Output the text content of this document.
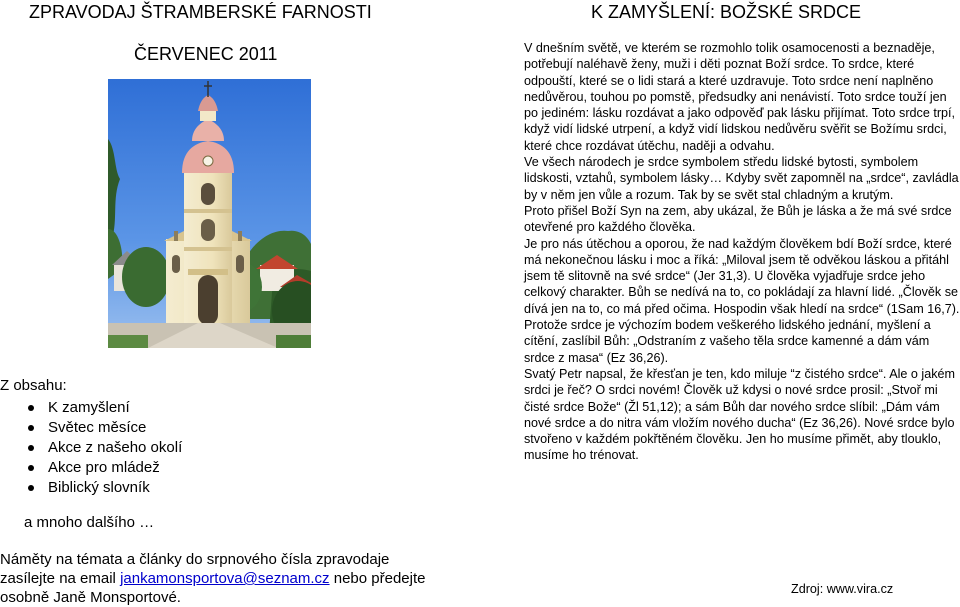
ZPRAVODAJ ŠTRAMBERSKÉ FARNOSTI	K ZAMYŠLENÍ: BOŽSKÉ SRDCE
ČERVENEC 2011
Z obsahu:
K zamyšlení
Světec měsíce
Akce z našeho okolí
Akce pro mládež
Biblický slovník
a mnoho dalšího …
Náměty na témata a články do srpnového čísla zpravodaje zasílejte na email jankamonsportova@seznam.cz nebo předejte osobně Janě Monsportové.

V dnešním světě, ve kterém se rozmohlo tolik osamocenosti a beznaděje, potřebují naléhavě ženy, muži i děti poznat Boží srdce. To srdce, které odpouští, které se o lidi stará a které uzdravuje. Toto srdce není naplněno nedůvěrou, touhou po pomstě, předsudky ani nenávistí. Toto srdce touží jen po jediném: lásku rozdávat a jako odpověď pak lásku přijímat. Toto srdce trpí, když vidí lidské utrpení, a když vidí lidskou nedůvěru svěřit se Božímu srdci, které chce rozdávat útěchu, naději a odvahu.

Ve všech národech je srdce symbolem středu lidské bytosti, symbolem lidskosti, vztahů, symbolem lásky… Kdyby svět zapomněl na „srdce“, zavládla by v něm jen vůle a rozum. Tak by se svět stal chladným a krutým.

Proto přišel Boží Syn na zem, aby ukázal, že Bůh je láska a že má své srdce otevřené pro každého člověka.

Je pro nás útěchou a oporou, že nad každým člověkem bdí Boží srdce, které má nekonečnou lásku i moc a říká: „Miloval jsem tě odvěkou láskou a přitáhl jsem tě slitovně na své srdce“ (Jer 31,3). U člověka vyjadřuje srdce jeho celkový charakter. Bůh se nedívá na to, co pokládají za hlavní lidé. „Člověk se dívá jen na to, co má před očima. Hospodin však hledí na srdce“ (1Sam 16,7). Protože srdce je výchozím bodem veškerého lidského jednání, myšlení a cítění, zaslíbil Bůh: „Odstraním z vašeho těla srdce kamenné a dám vám srdce z masa“ (Ez 36,26).

Svatý Petr napsal, že křesťan je ten, kdo miluje “z čistého srdce“. Ale o jakém srdci je řeč? O srdci novém! Člověk už kdysi o nové srdce prosil: „Stvoř mi čisté srdce Bože“ (Žl 51,12); a sám Bůh dar nového srdce slíbil: „Dám vám nové srdce a do nitra vám vložím nového ducha“ (Ez 36,26). Nové srdce bylo stvořeno v každém pokřtěném člověku. Jen ho musíme přimět, aby tlouklo, musíme ho trénovat.

Zdroj: www.vira.cz
